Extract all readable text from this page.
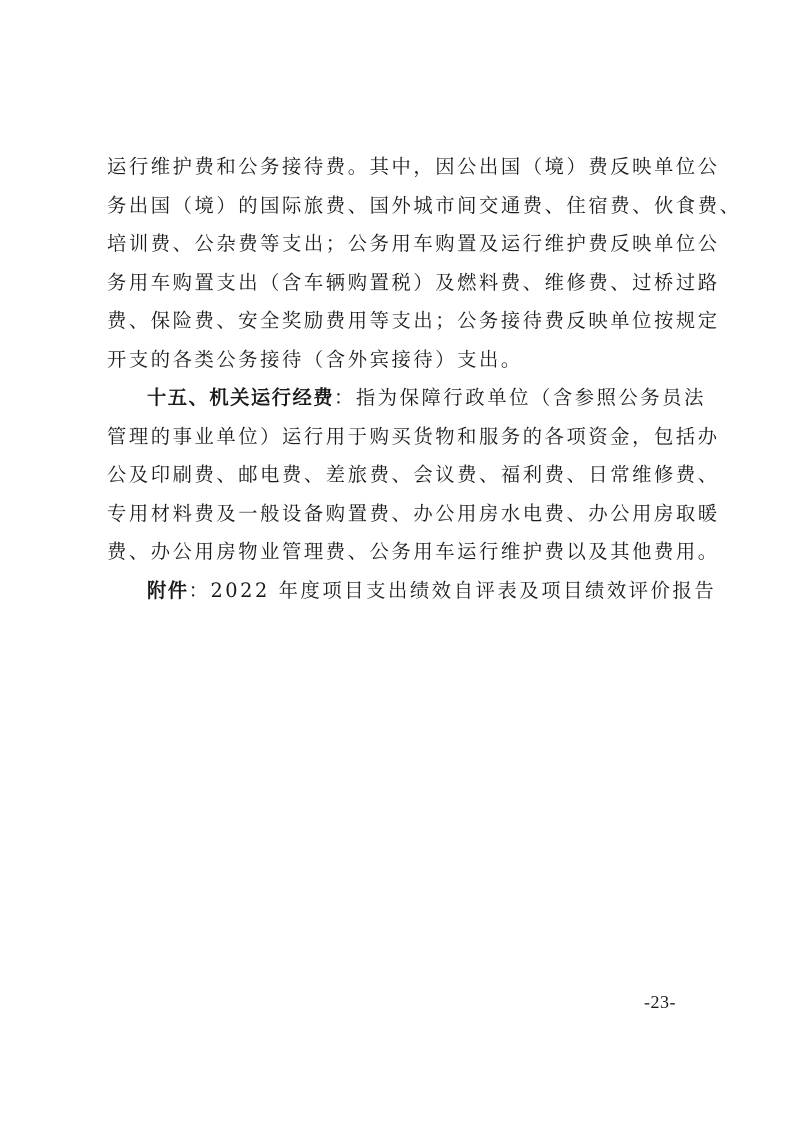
运行维护费和公务接待费。其中，因公出国（境）费反映单位公
务出国（境）的国际旅费、国外城市间交通费、住宿费、伙食费、
培训费、公杂费等支出；公务用车购置及运行维护费反映单位公
务用车购置支出（含车辆购置税）及燃料费、维修费、过桥过路
费、保险费、安全奖励费用等支出；公务接待费反映单位按规定
开支的各类公务接待（含外宾接待）支出。
十五、机关运行经费：指为保障行政单位（含参照公务员法
管理的事业单位）运行用于购买货物和服务的各项资金，包括办
公及印刷费、邮电费、差旅费、会议费、福利费、日常维修费、
专用材料费及一般设备购置费、办公用房水电费、办公用房取暖
费、办公用房物业管理费、公务用车运行维护费以及其他费用。
附件：2022 年度项目支出绩效自评表及项目绩效评价报告
-23-
